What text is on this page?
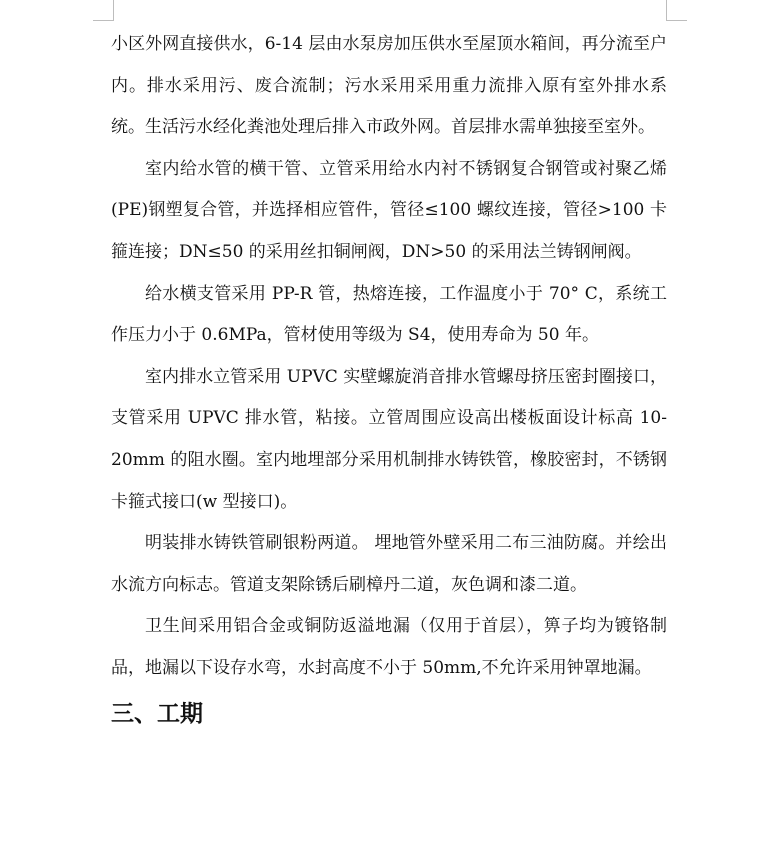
小区外网直接供水，6-14 层由水泵房加压供水至屋顶水箱间，再分流至户内。排水采用污、废合流制；污水采用采用重力流排入原有室外排水系统。生活污水经化粪池处理后排入市政外网。首层排水需单独接至室外。

室内给水管的横干管、立管采用给水内衬不锈钢复合钢管或衬聚乙烯(PE)钢塑复合管，并选择相应管件，管径≤100 螺纹连接，管径>100 卡箍连接；DN≤50 的采用丝扣铜闸阀，DN>50 的采用法兰铸钢闸阀。

给水横支管采用 PP-R 管，热熔连接，工作温度小于 70° C，系统工作压力小于 0.6MPa，管材使用等级为 S4，使用寿命为 50 年。

室内排水立管采用 UPVC 实壁螺旋消音排水管螺母挤压密封圈接口，支管采用 UPVC 排水管，粘接。立管周围应设高出楼板面设计标高 10-20mm 的阻水圈。室内地埋部分采用机制排水铸铁管，橡胶密封，不锈钢卡箍式接口(w 型接口)。

明装排水铸铁管刷银粉两道。 埋地管外壁采用二布三油防腐。并绘出水流方向标志。管道支架除锈后刷樟丹二道，灰色调和漆二道。

卫生间采用铝合金或铜防返溢地漏（仅用于首层），箅子均为镀铬制品，地漏以下设存水弯，水封高度不小于 50mm,不允许采用钟罩地漏。

三、工期
